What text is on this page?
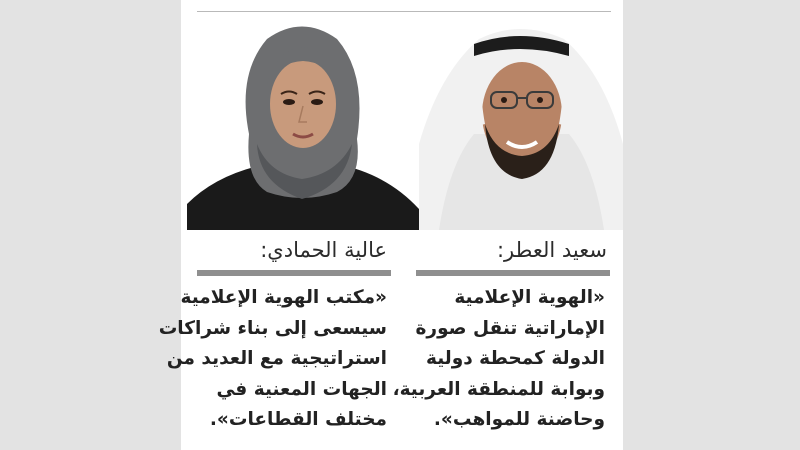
عالية الحمادي:	سعيد العطر:
«مكتب الهوية الإعلامية
سيسعى إلى بناء شراكات
استراتيجية مع العديد من
الجهات المعنية في
مختلف القطاعات».
«الهوية الإعلامية
الإماراتية تنقل صورة
الدولة كمحطة دولية
وبوابة للمنطقة العربية،
وحاضنة للمواهب».
